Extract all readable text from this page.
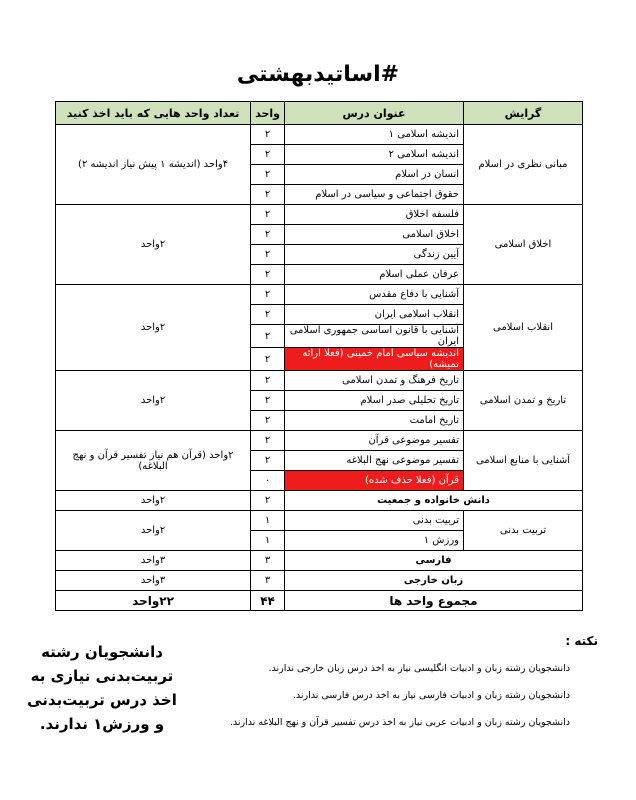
#اساتیدبهشتی
گرایش	عنوان درس	واحد	تعداد واحد هایی که باید اخذ کنید
مبانی نظری در اسلام	اندیشه اسلامی ۱	۲	۴واحد (اندیشه ۱ پیش نیاز اندیشه ۲)
	اندیشه اسلامی ۲	۲	
	انسان در اسلام	۲	
	حقوق اجتماعی و سیاسی در اسلام	۲	
اخلاق اسلامی	فلسفه اخلاق	۲	۲واحد
	اخلاق اسلامی	۲	
	آیین زندگی	۲	
	عرفان عملی اسلام	۲	
انقلاب اسلامی	آشنایی با دفاع مقدس	۲	۲واحد
	انقلاب اسلامی ایران	۲	
	آشنایی با قانون اساسی جمهوری اسلامی ایران	۲	
	اندیشه سیاسی امام خمینی (فعلا ارائه نمیشه)	۲	
تاریخ و تمدن اسلامی	تاریخ فرهنگ و تمدن اسلامی	۲	۲واحد
	تاریخ تحلیلی صدر اسلام	۲	
	تاریخ امامت	۲	
آشنایی با منابع اسلامی	تفسیر موضوعی قرآن	۲	۲واحد (قرآن هم نیاز تفسیر قرآن و نهج البلاغه)
	تفسیر موضوعی نهج البلاغه	۲	
	قرآن (فعلا حذف شده)	۰	
دانش خانواده و جمعیت		۲	۲واحد
تربیت بدنی	تربیت بدنی	۱	۲واحد
	ورزش ۱	۱	
فارسی		۳	۳واحد
زبان خارجی		۳	۳واحد
مجموع واحد ها		۴۴	۲۲واحد
دانشجویان رشته تربیت‌بدنی نیازی به اخذ درس تربیت‌بدنی و ورزش۱ ندارند.
نکته :
دانشجویان رشته زبان و ادبیات انگلیسی نیاز به اخذ درس زبان خارجی ندارند.
دانشجویان رشته زبان و ادبیات فارسی نیاز به اخذ درس فارسی ندارند.
دانشجویان رشته زبان و ادبیات عربی نیاز به اخذ درس تفسیر قرآن و نهج البلاغه ندارند.
